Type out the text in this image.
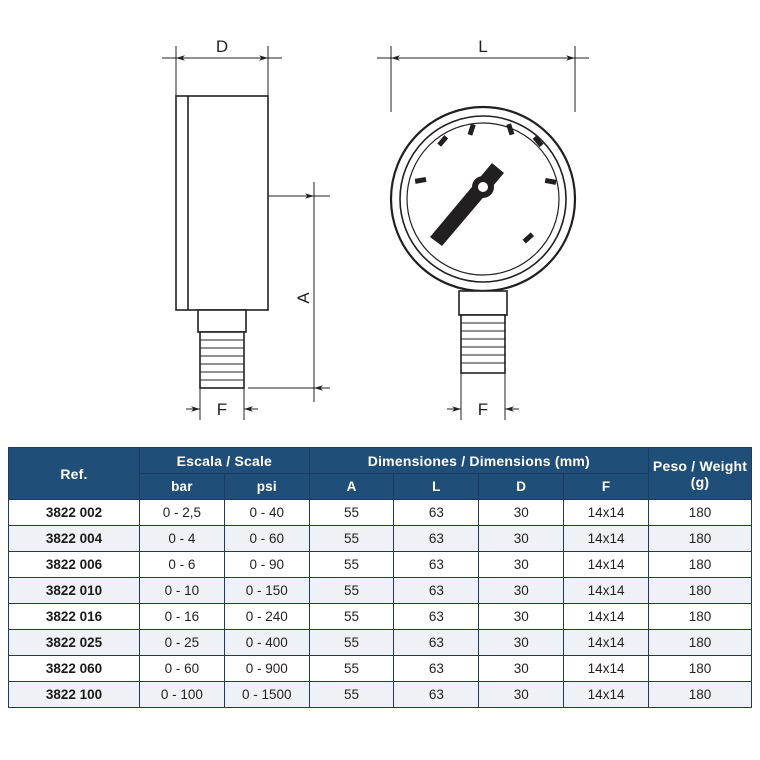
D
F
L
F
A
Ref.	Escala / Scale		Dimensiones / Dimensions (mm)				Peso / Weight (g)
	bar	psi	A	L	D	F	
3822 002	0 - 2,5	0 - 40	55	63	30	14x14	180
3822 004	0 - 4	0 - 60	55	63	30	14x14	180
3822 006	0 - 6	0 - 90	55	63	30	14x14	180
3822 010	0 - 10	0 - 150	55	63	30	14x14	180
3822 016	0 - 16	0 - 240	55	63	30	14x14	180
3822 025	0 - 25	0 - 400	55	63	30	14x14	180
3822 060	0 - 60	0 - 900	55	63	30	14x14	180
3822 100	0 - 100	0 - 1500	55	63	30	14x14	180
